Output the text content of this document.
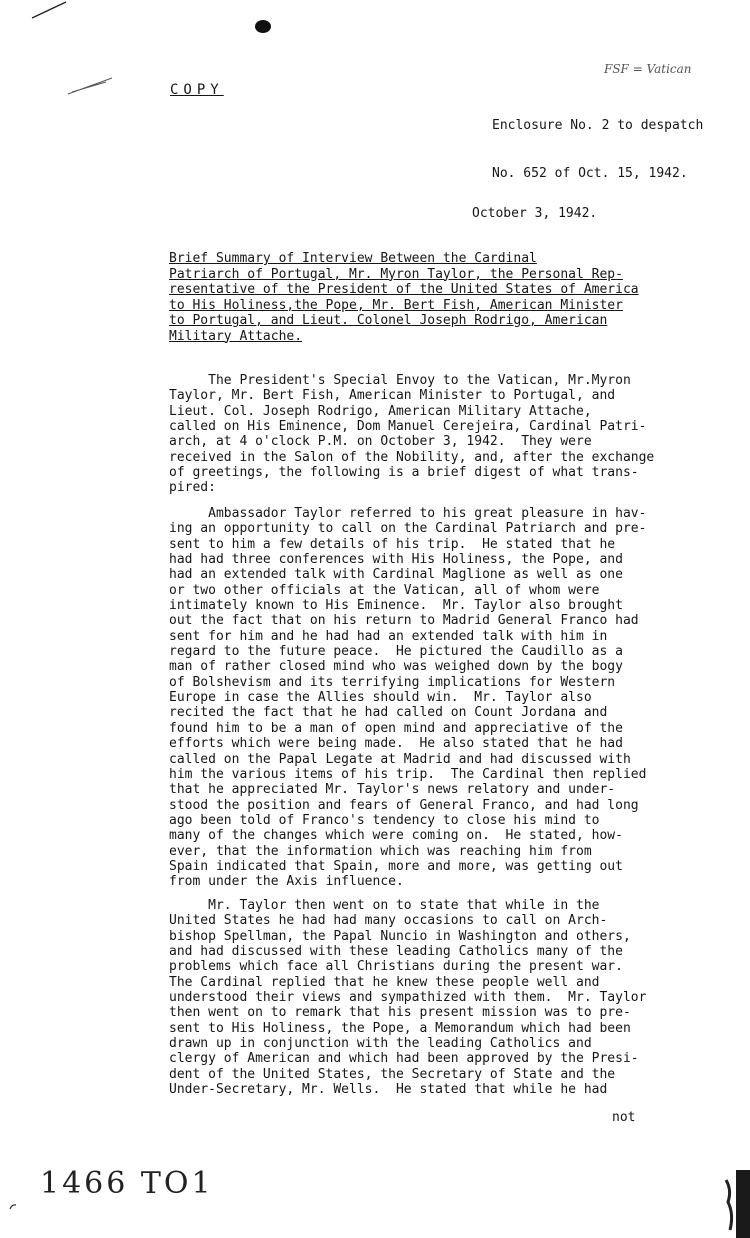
COPY
FSF = Vatican

Enclosure No. 2 to despatch

No. 652 of Oct. 15, 1942.

October 3, 1942.
Brief Summary of Interview Between the Cardinal
Patriarch of Portugal, Mr. Myron Taylor, the Personal Rep-
resentative of the President of the United States of America
to His Holiness,the Pope, Mr. Bert Fish, American Minister
to Portugal, and Lieut. Colonel Joseph Rodrigo, American
Military Attache.
The President's Special Envoy to the Vatican, Mr.Myron
Taylor, Mr. Bert Fish, American Minister to Portugal, and
Lieut. Col. Joseph Rodrigo, American Military Attache,
called on His Eminence, Dom Manuel Cerejeira, Cardinal Patri-
arch, at 4 o'clock P.M. on October 3, 1942.  They were
received in the Salon of the Nobility, and, after the exchange
of greetings, the following is a brief digest of what trans-
pired:
Ambassador Taylor referred to his great pleasure in hav-
ing an opportunity to call on the Cardinal Patriarch and pre-
sent to him a few details of his trip.  He stated that he
had had three conferences with His Holiness, the Pope, and
had an extended talk with Cardinal Maglione as well as one
or two other officials at the Vatican, all of whom were
intimately known to His Eminence.  Mr. Taylor also brought
out the fact that on his return to Madrid General Franco had
sent for him and he had had an extended talk with him in
regard to the future peace.  He pictured the Caudillo as a
man of rather closed mind who was weighed down by the bogy
of Bolshevism and its terrifying implications for Western
Europe in case the Allies should win.  Mr. Taylor also
recited the fact that he had called on Count Jordana and
found him to be a man of open mind and appreciative of the
efforts which were being made.  He also stated that he had
called on the Papal Legate at Madrid and had discussed with
him the various items of his trip.  The Cardinal then replied
that he appreciated Mr. Taylor's news relatory and under-
stood the position and fears of General Franco, and had long
ago been told of Franco's tendency to close his mind to
many of the changes which were coming on.  He stated, how-
ever, that the information which was reaching him from
Spain indicated that Spain, more and more, was getting out
from under the Axis influence.
Mr. Taylor then went on to state that while in the
United States he had had many occasions to call on Arch-
bishop Spellman, the Papal Nuncio in Washington and others,
and had discussed with these leading Catholics many of the
problems which face all Christians during the present war.
The Cardinal replied that he knew these people well and
understood their views and sympathized with them.  Mr. Taylor
then went on to remark that his present mission was to pre-
sent to His Holiness, the Pope, a Memorandum which had been
drawn up in conjunction with the leading Catholics and
clergy of American and which had been approved by the Presi-
dent of the United States, the Secretary of State and the
Under-Secretary, Mr. Wells.  He stated that while he had
not
1466 TO1
